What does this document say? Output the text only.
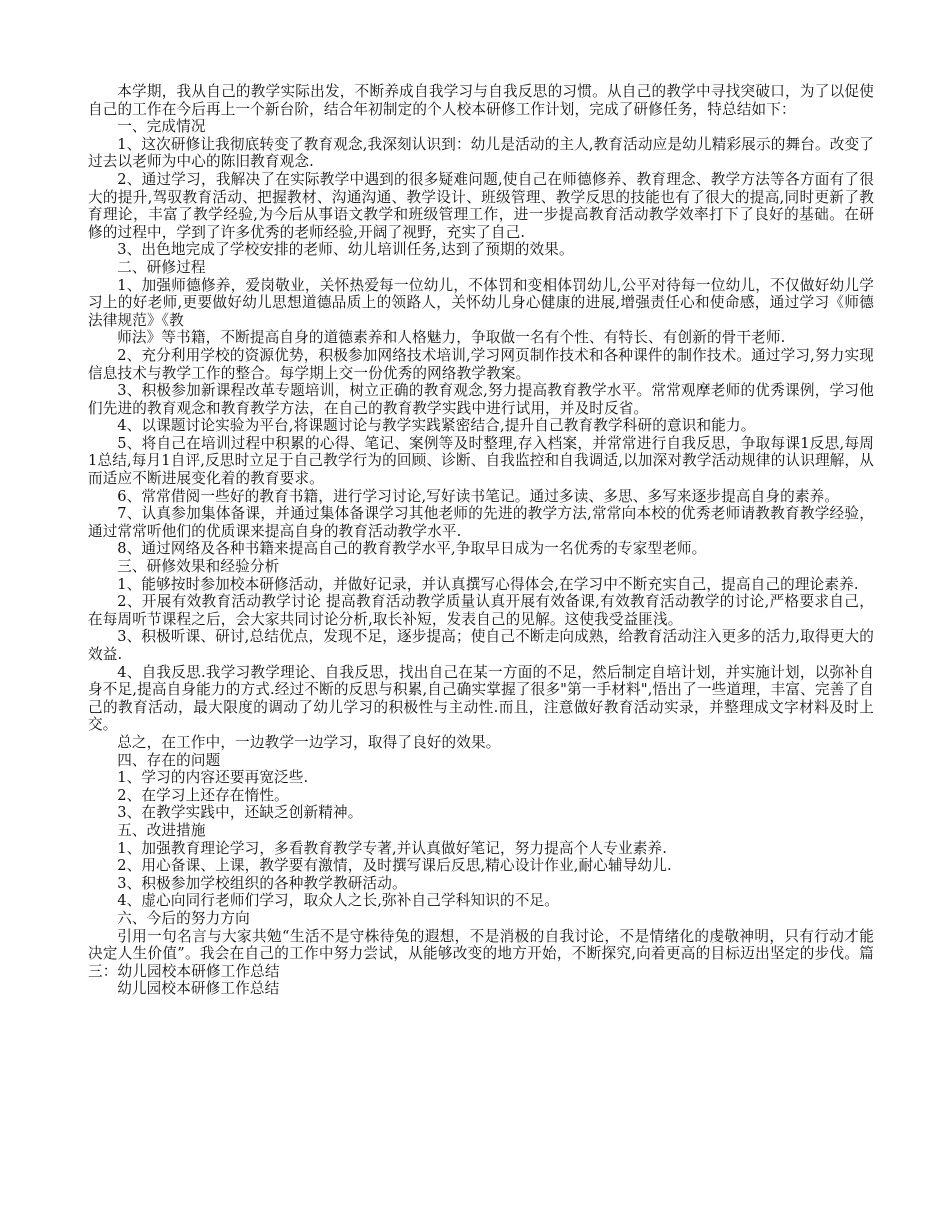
本学期，我从自己的教学实际出发，不断养成自我学习与自我反思的习惯。从自己的教学中寻找突破口，为了以促使自己的工作在今后再上一个新台阶，结合年初制定的个人校本研修工作计划，完成了研修任务，特总结如下：

一、完成情况

1、这次研修让我彻底转变了教育观念,我深刻认识到：幼儿是活动的主人,教育活动应是幼儿精彩展示的舞台。改变了过去以老师为中心的陈旧教育观念.

2、通过学习，我解决了在实际教学中遇到的很多疑难问题,使自己在师德修养、教育理念、教学方法等各方面有了很大的提升,驾驭教育活动、把握教材、沟通沟通、教学设计、班级管理、教学反思的技能也有了很大的提高,同时更新了教育理论，丰富了教学经验,为今后从事语文教学和班级管理工作，进一步提高教育活动教学效率打下了良好的基础。在研修的过程中，学到了许多优秀的老师经验,开阔了视野，充实了自己.

3、出色地完成了学校安排的老师、幼儿培训任务,达到了预期的效果。

二、研修过程

1、加强师德修养，爱岗敬业，关怀热爱每一位幼儿，不体罚和变相体罚幼儿,公平对待每一位幼儿，不仅做好幼儿学习上的好老师,更要做好幼儿思想道德品质上的领路人，关怀幼儿身心健康的进展,增强责任心和使命感，通过学习《师德法律规范》《教

师法》等书籍，不断提高自身的道德素养和人格魅力，争取做一名有个性、有特长、有创新的骨干老师.

2、充分利用学校的资源优势，积极参加网络技术培训,学习网页制作技术和各种课件的制作技术。通过学习,努力实现信息技术与教学工作的整合。每学期上交一份优秀的网络教学教案。

3、积极参加新课程改革专题培训，树立正确的教育观念,努力提高教育教学水平。常常观摩老师的优秀课例，学习他们先进的教育观念和教育教学方法，在自己的教育教学实践中进行试用，并及时反省。

4、以课题讨论实验为平台,将课题讨论与教学实践紧密结合,提升自己教育教学科研的意识和能力。

5、将自己在培训过程中积累的心得、笔记、案例等及时整理,存入档案，并常常进行自我反思，争取每课1反思,每周1总结,每月1自评,反思时立足于自己教学行为的回顾、诊断、自我监控和自我调适,以加深对教学活动规律的认识理解，从而适应不断进展变化着的教育要求。

6、常常借阅一些好的教育书籍，进行学习讨论,写好读书笔记。通过多读、多思、多写来逐步提高自身的素养。

7、认真参加集体备课，并通过集体备课学习其他老师的先进的教学方法,常常向本校的优秀老师请教教育教学经验，通过常常听他们的优质课来提高自身的教育活动教学水平.

8、通过网络及各种书籍来提高自己的教育教学水平,争取早日成为一名优秀的专家型老师。

三、研修效果和经验分析

1、能够按时参加校本研修活动，并做好记录，并认真撰写心得体会,在学习中不断充实自己，提高自己的理论素养.

2、开展有效教育活动教学讨论 提高教育活动教学质量认真开展有效备课,有效教育活动教学的讨论,严格要求自己，在每周听节课程之后，会大家共同讨论分析,取长补短，发表自己的见解。这使我受益匪浅。

3、积极听课、研讨,总结优点，发现不足，逐步提高；使自己不断走向成熟，给教育活动注入更多的活力,取得更大的效益.

4、自我反思.我学习教学理论、自我反思，找出自己在某一方面的不足，然后制定自培计划，并实施计划，以弥补自身不足,提高自身能力的方式.经过不断的反思与积累,自己确实掌握了很多"第一手材料",悟出了一些道理，丰富、完善了自己的教育活动，最大限度的调动了幼儿学习的积极性与主动性.而且，注意做好教育活动实录，并整理成文字材料及时上交。

总之，在工作中，一边教学一边学习，取得了良好的效果。

四、存在的问题

1、学习的内容还要再宽泛些.

2、在学习上还存在惰性。

3、在教学实践中，还缺乏创新精神。

五、改进措施

1、加强教育理论学习，多看教育教学专著,并认真做好笔记，努力提高个人专业素养.

2、用心备课、上课，教学要有激情，及时撰写课后反思,精心设计作业,耐心辅导幼儿.

3、积极参加学校组织的各种教学教研活动。

4、虚心向同行老师们学习，取众人之长,弥补自己学科知识的不足。

六、今后的努力方向

引用一句名言与大家共勉“生活不是守株待兔的遐想，不是消极的自我讨论，不是情绪化的虔敬神明，只有行动才能决定人生价值”。我会在自己的工作中努力尝试，从能够改变的地方开始，不断探究,向着更高的目标迈出坚定的步伐。篇三：幼儿园校本研修工作总结

幼儿园校本研修工作总结
